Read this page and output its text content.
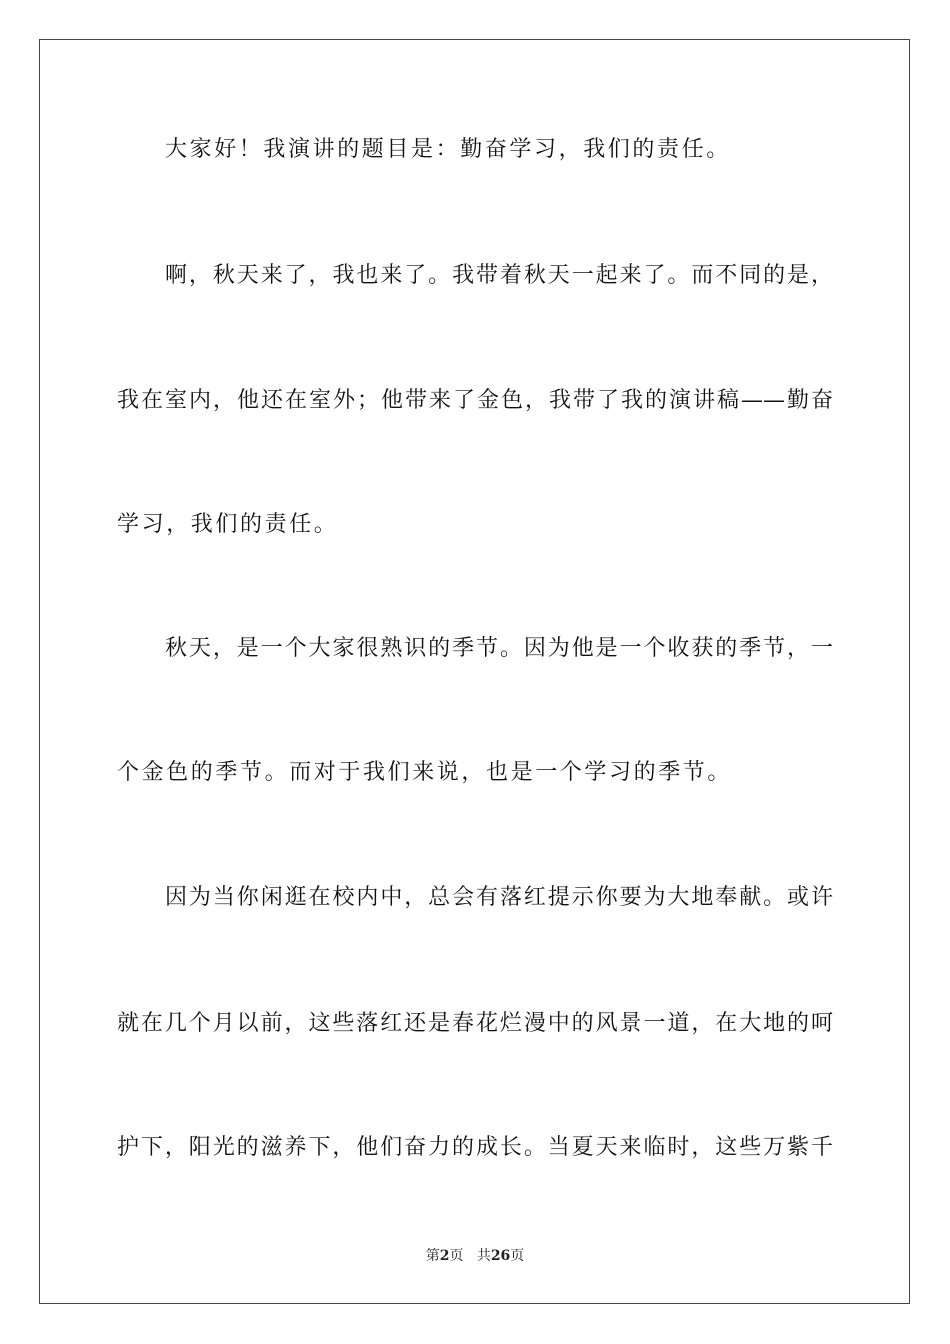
大家好！我演讲的题目是：勤奋学习，我们的责任。

啊，秋天来了，我也来了。我带着秋天一起来了。而不同的是，

我在室内，他还在室外；他带来了金色，我带了我的演讲稿——勤奋

学习，我们的责任。

秋天，是一个大家很熟识的季节。因为他是一个收获的季节，一

个金色的季节。而对于我们来说，也是一个学习的季节。

因为当你闲逛在校内中，总会有落红提示你要为大地奉献。或许

就在几个月以前，这些落红还是春花烂漫中的风景一道，在大地的呵

护下，阳光的滋养下，他们奋力的成长。当夏天来临时，这些万紫千

第2页 共26页
